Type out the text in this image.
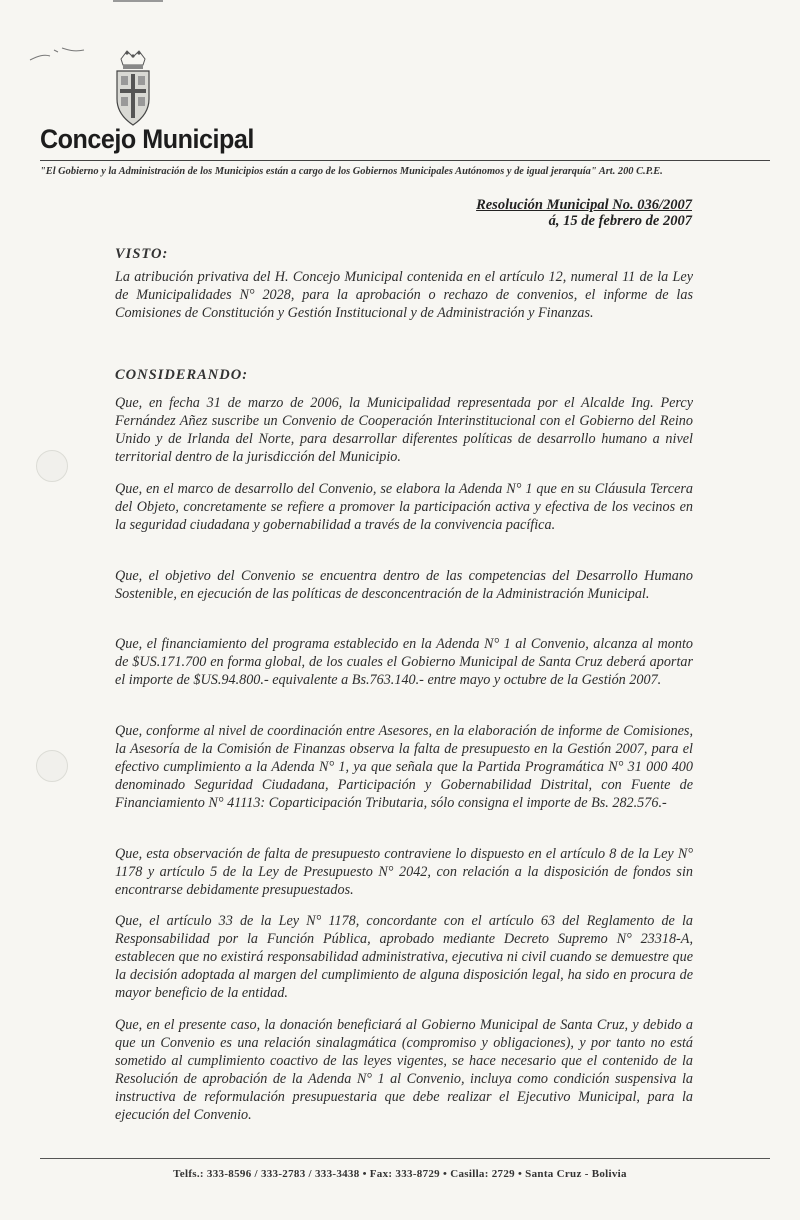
Concejo Municipal

"El Gobierno y la Administración de los Municipios están a cargo de los Gobiernos Municipales Autónomos y de igual jerarquía" Art. 200 C.P.E.

Resolución Municipal No. 036/2007
á, 15 de febrero de 2007
VISTO:

La atribución privativa del H. Concejo Municipal contenida en el artículo 12, numeral 11 de la Ley de Municipalidades N° 2028, para la aprobación o rechazo de convenios, el informe de las Comisiones de Constitución y Gestión Institucional y de Administración y Finanzas.

CONSIDERANDO:

Que, en fecha 31 de marzo de 2006, la Municipalidad representada por el Alcalde Ing. Percy Fernández Añez suscribe un Convenio de Cooperación Interinstitucional con el Gobierno del Reino Unido y de Irlanda del Norte, para desarrollar diferentes políticas de desarrollo humano a nivel territorial dentro de la jurisdicción del Municipio.

Que, en el marco de desarrollo del Convenio, se elabora la Adenda N° 1 que en su Cláusula Tercera del Objeto, concretamente se refiere a promover la participación activa y efectiva de los vecinos en la seguridad ciudadana y gobernabilidad a través de la convivencia pacífica.

Que, el objetivo del Convenio se encuentra dentro de las competencias del Desarrollo Humano Sostenible, en ejecución de las políticas de desconcentración de la Administración Municipal.

Que, el financiamiento del programa establecido en la Adenda N° 1 al Convenio, alcanza al monto de $US.171.700 en forma global, de los cuales el Gobierno Municipal de Santa Cruz deberá aportar el importe de $US.94.800.- equivalente a Bs.763.140.- entre mayo y octubre de la Gestión 2007.

Que, conforme al nivel de coordinación entre Asesores, en la elaboración de informe de Comisiones, la Asesoría de la Comisión de Finanzas observa la falta de presupuesto en la Gestión 2007, para el efectivo cumplimiento a la Adenda N° 1, ya que señala que la Partida Programática N° 31 000 400 denominado Seguridad Ciudadana, Participación y Gobernabilidad Distrital, con Fuente de Financiamiento N° 41113: Coparticipación Tributaria, sólo consigna el importe de Bs. 282.576.-

Que, esta observación de falta de presupuesto contraviene lo dispuesto en el artículo 8 de la Ley N° 1178 y artículo 5 de la Ley de Presupuesto N° 2042, con relación a la disposición de fondos sin encontrarse debidamente presupuestados.

Que, el artículo 33 de la Ley N° 1178, concordante con el artículo 63 del Reglamento de la Responsabilidad por la Función Pública, aprobado mediante Decreto Supremo N° 23318-A, establecen que no existirá responsabilidad administrativa, ejecutiva ni civil cuando se demuestre que la decisión adoptada al margen del cumplimiento de alguna disposición legal, ha sido en procura de mayor beneficio de la entidad.

Que, en el presente caso, la donación beneficiará al Gobierno Municipal de Santa Cruz, y debido a que un Convenio es una relación sinalagmática (compromiso y obligaciones), y por tanto no está sometido al cumplimiento coactivo de las leyes vigentes, se hace necesario que el contenido de la Resolución de aprobación de la Adenda N° 1 al Convenio, incluya como condición suspensiva la instructiva de reformulación presupuestaria que debe realizar el Ejecutivo Municipal, para la ejecución del Convenio.

Telfs.: 333-8596 / 333-2783 / 333-3438 • Fax: 333-8729 • Casilla: 2729 • Santa Cruz - Bolivia
